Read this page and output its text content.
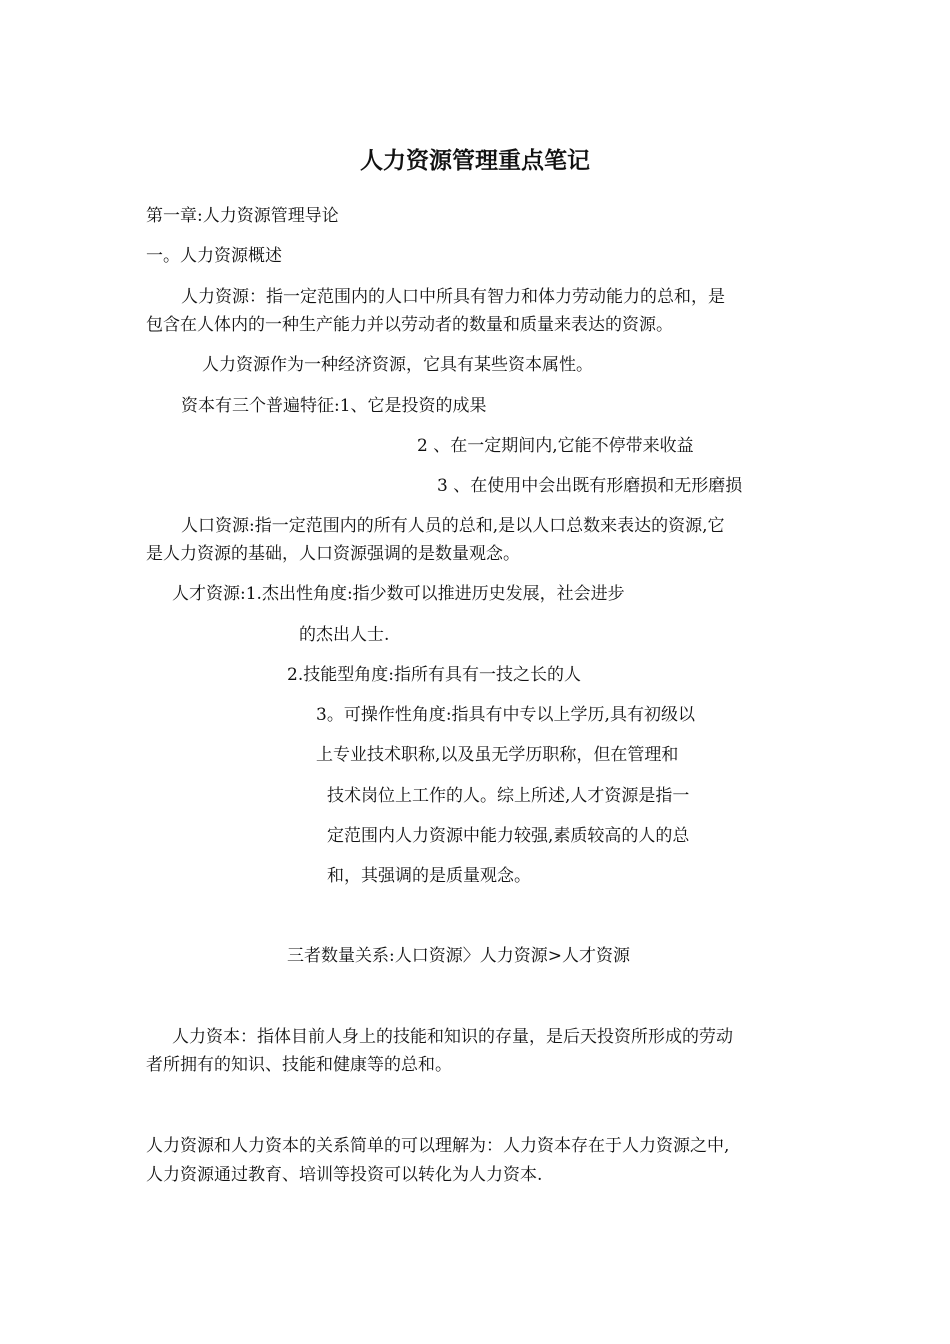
人力资源管理重点笔记

第一章:人力资源管理导论

一。人力资源概述

人力资源：指一定范围内的人口中所具有智力和体力劳动能力的总和，是

包含在人体内的一种生产能力并以劳动者的数量和质量来表达的资源。

人力资源作为一种经济资源，它具有某些资本属性。

资本有三个普遍特征:1、它是投资的成果

2 、在一定期间内,它能不停带来收益

3 、在使用中会出既有形磨损和无形磨损

人口资源:指一定范围内的所有人员的总和,是以人口总数来表达的资源,它

是人力资源的基础，人口资源强调的是数量观念。

人才资源:1.杰出性角度:指少数可以推进历史发展，社会进步

的杰出人士.

2.技能型角度:指所有具有一技之长的人

3。可操作性角度:指具有中专以上学历,具有初级以

上专业技术职称,以及虽无学历职称，但在管理和

技术岗位上工作的人。综上所述,人才资源是指一

定范围内人力资源中能力较强,素质较高的人的总

和，其强调的是质量观念。

三者数量关系:人口资源〉人力资源>人才资源

人力资本：指体目前人身上的技能和知识的存量，是后天投资所形成的劳动

者所拥有的知识、技能和健康等的总和。

人力资源和人力资本的关系简单的可以理解为：人力资本存在于人力资源之中,

人力资源通过教育、培训等投资可以转化为人力资本.
